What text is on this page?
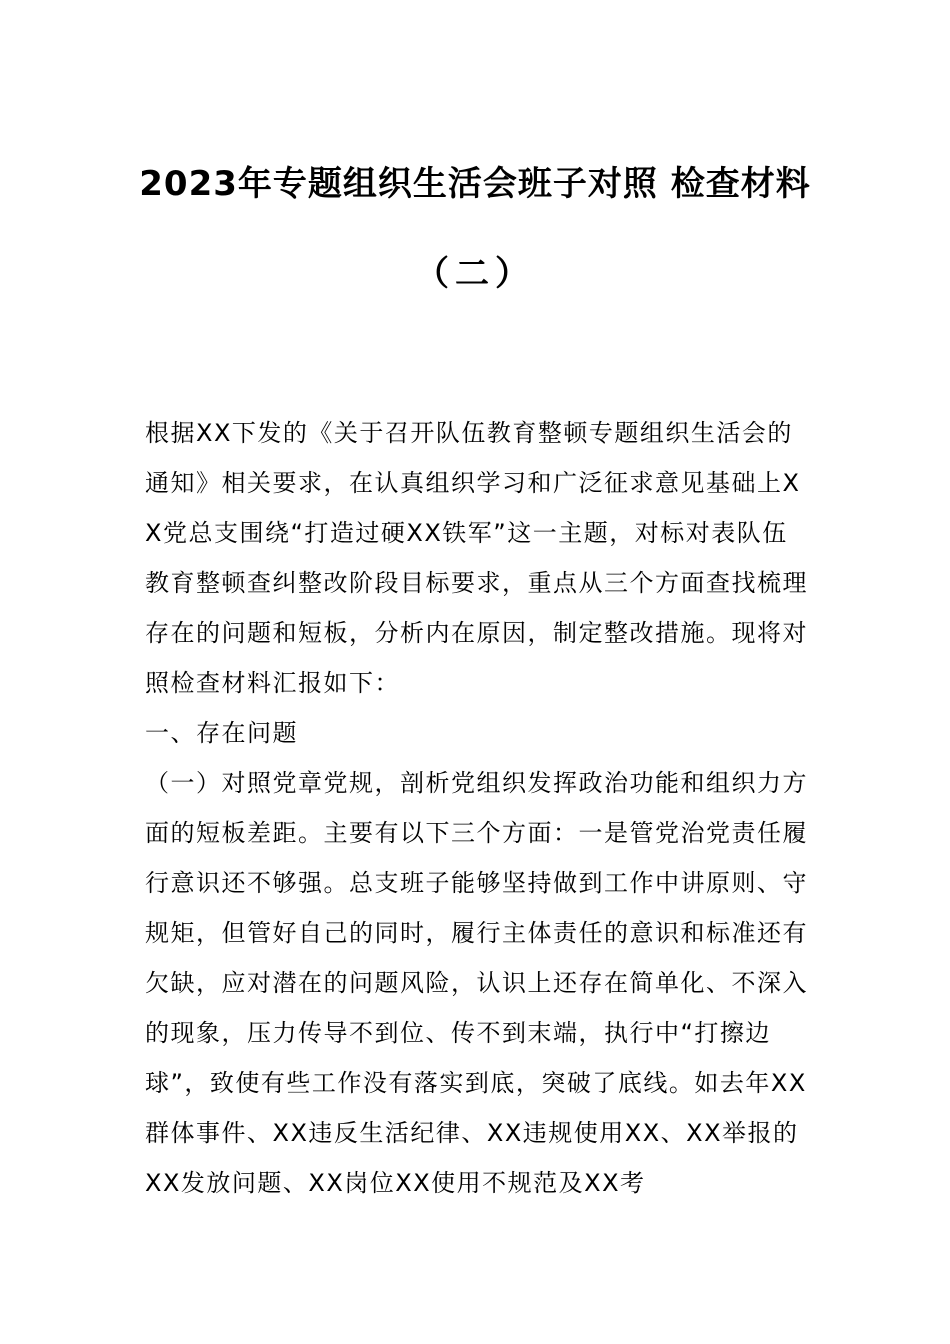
2023年专题组织生活会班子对照 检查材料
（二）

根据XX下发的《关于召开队伍教育整顿专题组织生活会的通知》相关要求，在认真组织学习和广泛征求意见基础上XX党总支围绕“打造过硬XX铁军”这一主题，对标对表队伍教育整顿查纠整改阶段目标要求，重点从三个方面查找梳理存在的问题和短板，分析内在原因，制定整改措施。现将对照检查材料汇报如下：

一、存在问题

（一）对照党章党规，剖析党组织发挥政治功能和组织力方面的短板差距。主要有以下三个方面：一是管党治党责任履行意识还不够强。总支班子能够坚持做到工作中讲原则、守规矩，但管好自己的同时，履行主体责任的意识和标准还有欠缺，应对潜在的问题风险，认识上还存在简单化、不深入的现象，压力传导不到位、传不到末端，执行中“打擦边球”，致使有些工作没有落实到底，突破了底线。如去年XX群体事件、XX违反生活纪律、XX违规使用XX、XX举报的XX发放问题、XX岗位XX使用不规范及XX考
